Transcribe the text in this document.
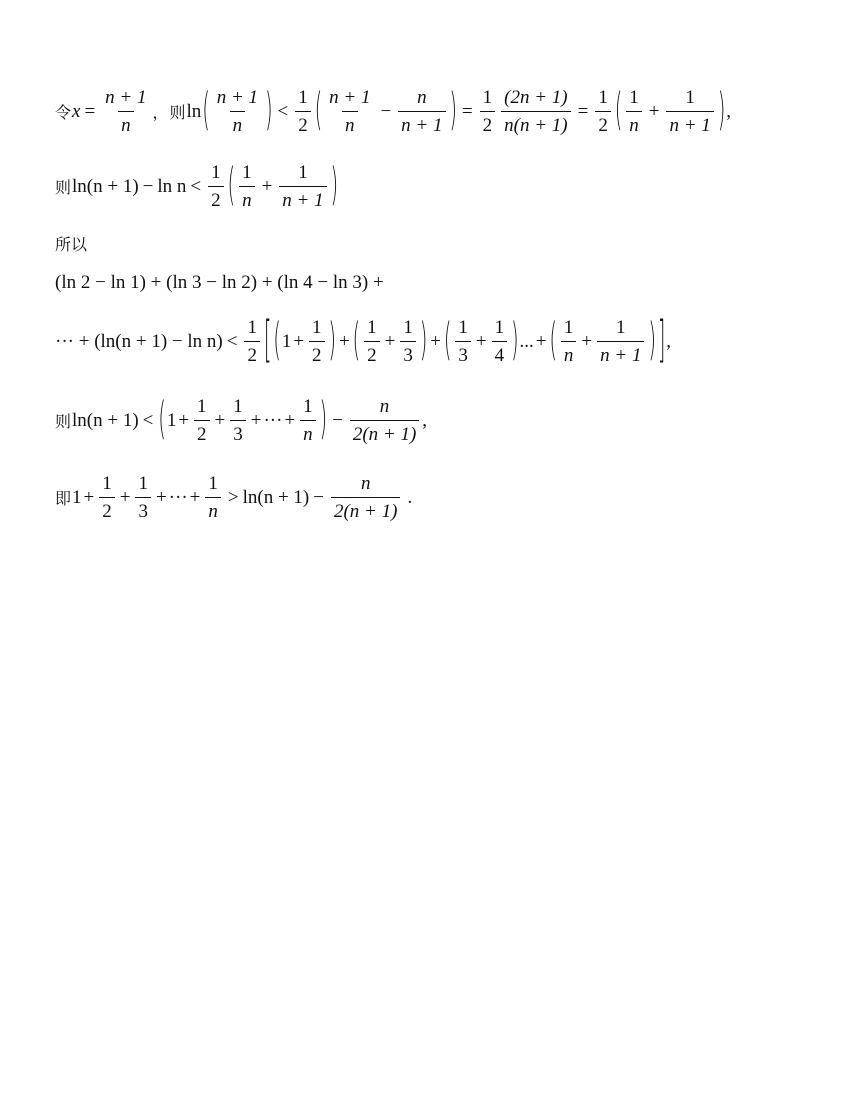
令 $x = \frac{n + 1}{n}$ ， 则 ln ( $\frac{n + 1}{n}$ ) < $\frac{1}{2}$ ( $\frac{n + 1}{n} - \frac{n}{n + 1}$ ) = $\frac{1}{2} \frac{(2n + 1)}{n(n + 1)} = \frac{1}{2}$ ( $\frac{1}{n} + \frac{1}{n + 1}$ ) ,
则 $\ln(n + 1) - \ln n < \frac{1}{2}$ ( $\frac{1}{n} + \frac{1}{n + 1}$ )
所以
(ln 2 − ln 1) + (ln 3 − ln 2) + (ln 4 − ln 3) +
··· + $(\ln(n + 1) - \ln n) < \frac{1}{2}$ [ ( $1 + \frac{1}{2}$ ) + ( $\frac{1}{2} + \frac{1}{3}$ ) + ( $\frac{1}{3} + \frac{1}{4}$ ) ... + ( $\frac{1}{n} + \frac{1}{n + 1}$ ) ] ,
则 ln(n + 1) < ( $1 + \frac{1}{2} + \frac{1}{3}$ + ··· + $\frac{1}{n}$ ) − $\frac{n}{2(n + 1)}$ ,
即 $1 + \frac{1}{2} + \frac{1}{3}$ + ··· + $\frac{1}{n} > \ln(n + 1) - \frac{n}{2(n + 1)}$ .
